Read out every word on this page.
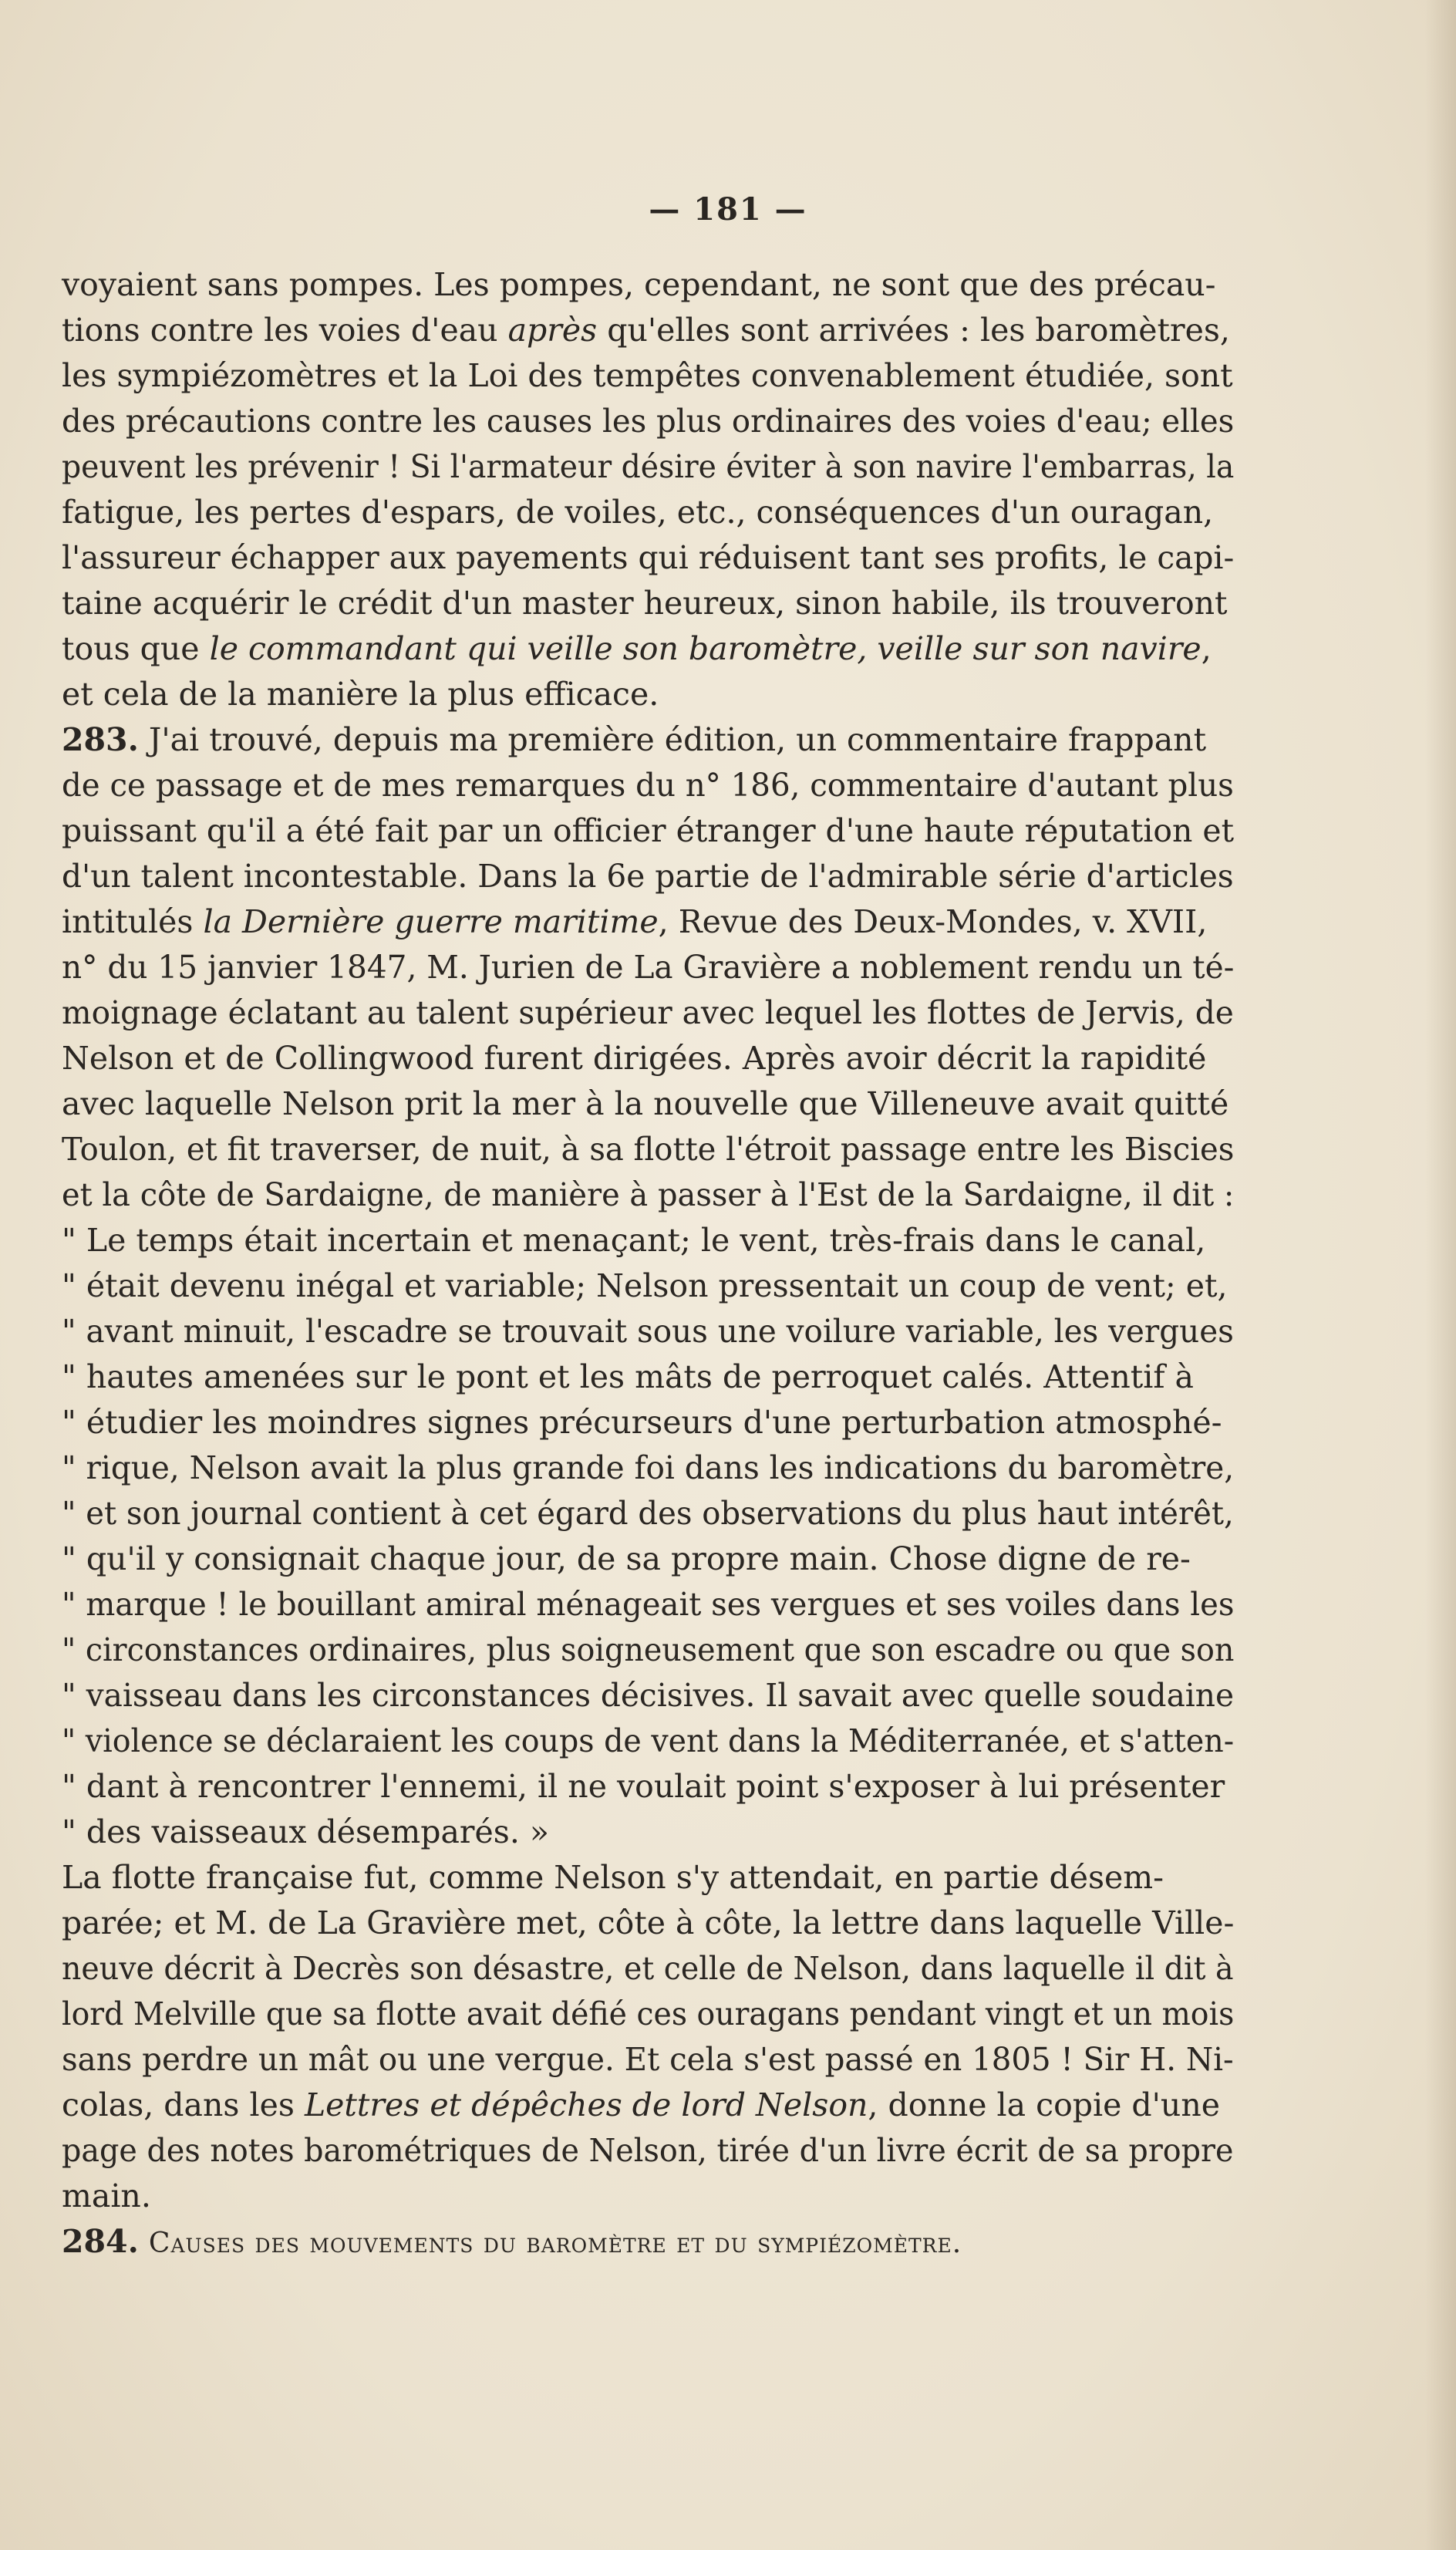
— 181 —
voyaient sans pompes. Les pompes, cependant, ne sont que des précau-
tions contre les voies d'eau après qu'elles sont arrivées : les baromètres,
les sympiézomètres et la Loi des tempêtes convenablement étudiée, sont
des précautions contre les causes les plus ordinaires des voies d'eau; elles
peuvent les prévenir ! Si l'armateur désire éviter à son navire l'embarras, la
fatigue, les pertes d'espars, de voiles, etc., conséquences d'un ouragan,
l'assureur échapper aux payements qui réduisent tant ses profits, le capi-
taine acquérir le crédit d'un master heureux, sinon habile, ils trouveront
tous que le commandant qui veille son baromètre, veille sur son navire,
et cela de la manière la plus efficace.
283. J'ai trouvé, depuis ma première édition, un commentaire frappant
de ce passage et de mes remarques du n° 186, commentaire d'autant plus
puissant qu'il a été fait par un officier étranger d'une haute réputation et
d'un talent incontestable. Dans la 6e partie de l'admirable série d'articles
intitulés la Dernière guerre maritime, Revue des Deux-Mondes, v. XVII,
n° du 15 janvier 1847, M. Jurien de La Gravière a noblement rendu un té-
moignage éclatant au talent supérieur avec lequel les flottes de Jervis, de
Nelson et de Collingwood furent dirigées. Après avoir décrit la rapidité
avec laquelle Nelson prit la mer à la nouvelle que Villeneuve avait quitté
Toulon, et fit traverser, de nuit, à sa flotte l'étroit passage entre les Biscies
et la côte de Sardaigne, de manière à passer à l'Est de la Sardaigne, il dit :
" Le temps était incertain et menaçant; le vent, très-frais dans le canal,
" était devenu inégal et variable; Nelson pressentait un coup de vent; et,
" avant minuit, l'escadre se trouvait sous une voilure variable, les vergues
" hautes amenées sur le pont et les mâts de perroquet calés. Attentif à
" étudier les moindres signes précurseurs d'une perturbation atmosphé-
" rique, Nelson avait la plus grande foi dans les indications du baromètre,
" et son journal contient à cet égard des observations du plus haut intérêt,
" qu'il y consignait chaque jour, de sa propre main. Chose digne de re-
" marque ! le bouillant amiral ménageait ses vergues et ses voiles dans les
" circonstances ordinaires, plus soigneusement que son escadre ou que son
" vaisseau dans les circonstances décisives. Il savait avec quelle soudaine
" violence se déclaraient les coups de vent dans la Méditerranée, et s'atten-
" dant à rencontrer l'ennemi, il ne voulait point s'exposer à lui présenter
" des vaisseaux désemparés. »
La flotte française fut, comme Nelson s'y attendait, en partie désem-
parée; et M. de La Gravière met, côte à côte, la lettre dans laquelle Ville-
neuve décrit à Decrès son désastre, et celle de Nelson, dans laquelle il dit à
lord Melville que sa flotte avait défié ces ouragans pendant vingt et un mois
sans perdre un mât ou une vergue. Et cela s'est passé en 1805 ! Sir H. Ni-
colas, dans les Lettres et dépêches de lord Nelson, donne la copie d'une
page des notes barométriques de Nelson, tirée d'un livre écrit de sa propre
main.
284. Causes des mouvements du baromètre et du sympiézomètre.
